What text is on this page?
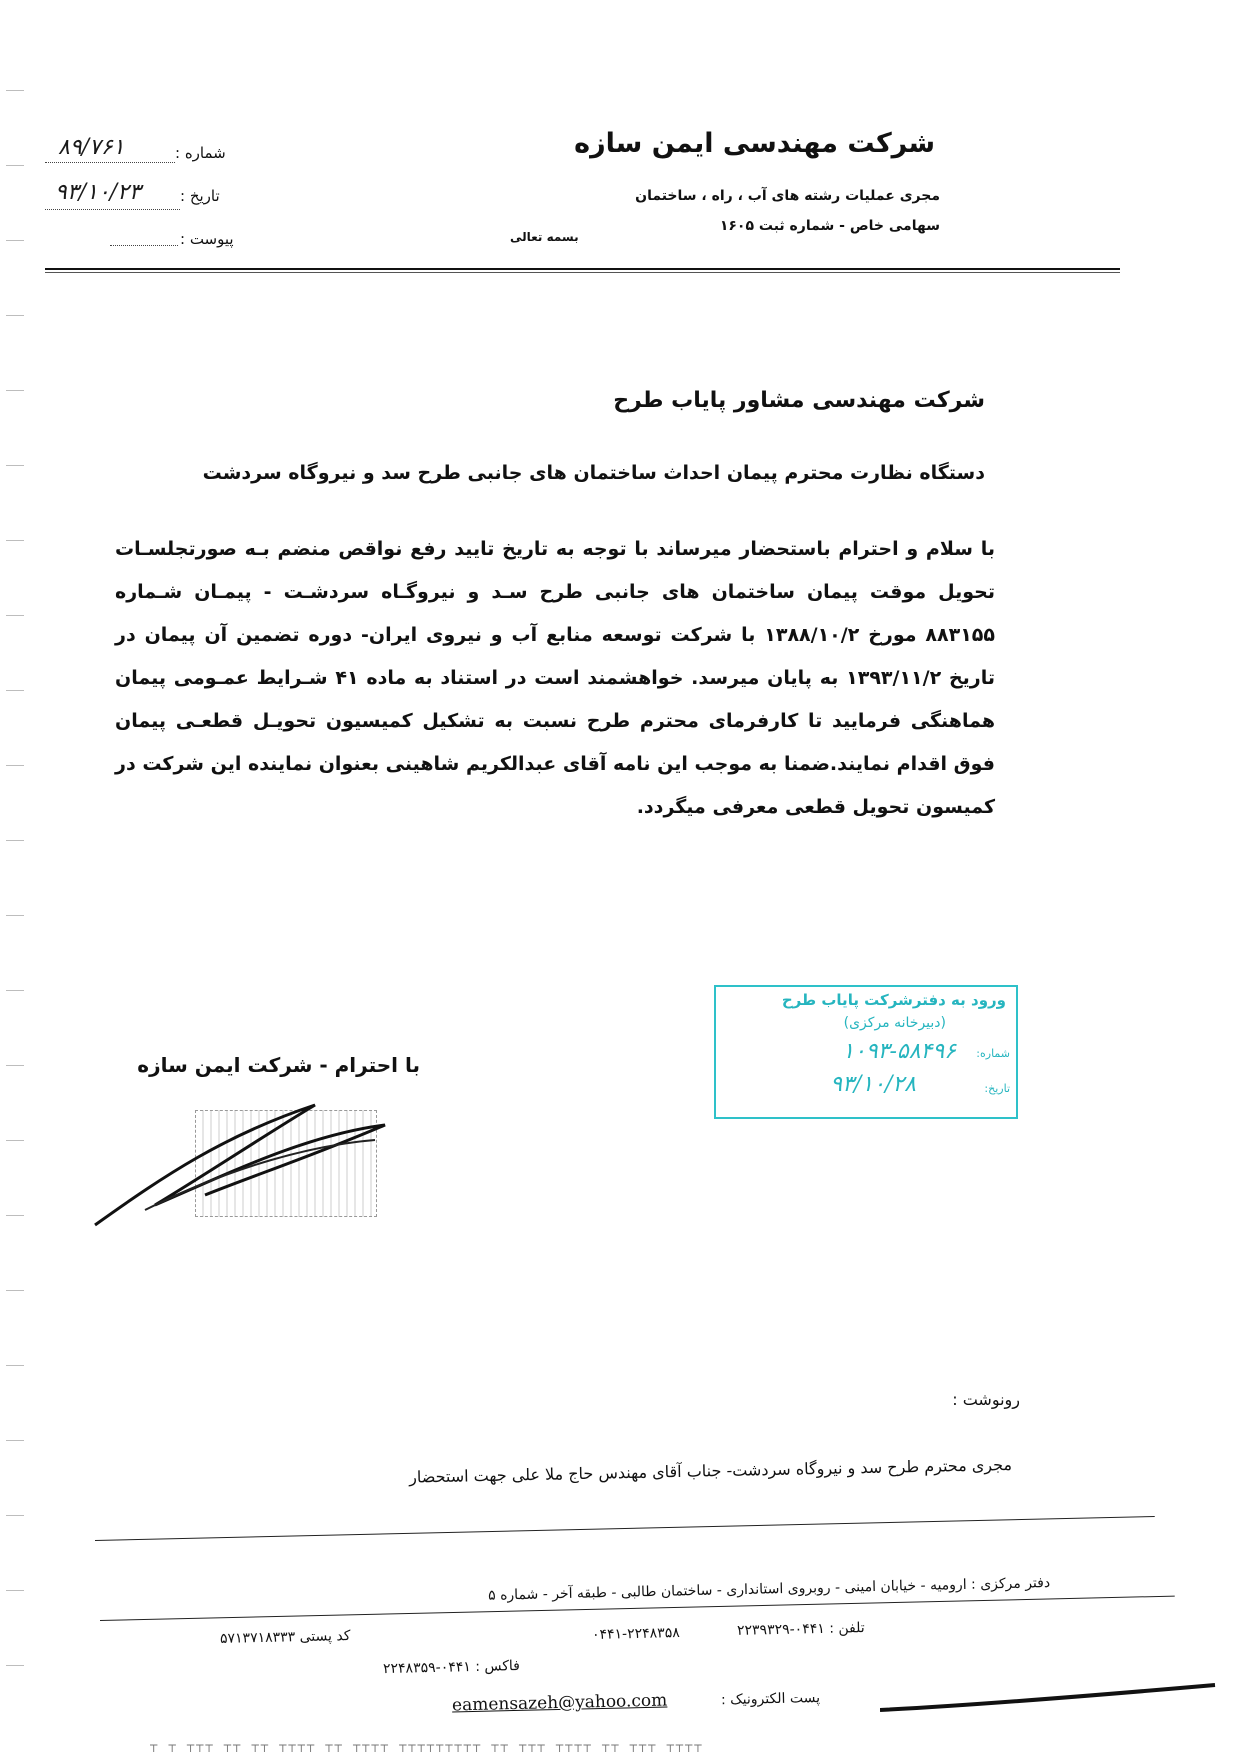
شرکت مهندسی ایمن سازه
مجری عملیات رشته های آب ، راه ، ساختمان
سهامی خاص - شماره ثبت ۱۶۰۵
بسمه تعالی
شماره :
۸۹/۷۶۱
تاریخ :
۹۳/۱۰/۲۳
پیوست :
شرکت مهندسی مشاور پایاب طرح
دستگاه نظارت محترم پیمان احداث ساختمان های جانبی طرح سد و نیروگاه سردشت
با سلام و احترام باستحضار میرساند با توجه به تاریخ تایید رفع نواقص منضم بـه صورتجلسـات تحویل موقت پیمان ساختمان های جانبی طرح سـد و نیروگـاه سردشـت - پیمـان شـماره ۸۸۳۱۵۵ مورخ ۱۳۸۸/۱۰/۲ با شرکت توسعه منابع آب و نیروی ایران- دوره تضمین آن پیمان در تاریخ ۱۳۹۳/۱۱/۲ به پایان میرسد. خواهشمند است در استناد به ماده ۴۱ شـرایط عمـومی پیمان هماهنگی فرمایید تا کارفرمای محترم طرح نسبت به تشکیل کمیسیون تحویـل قطعـی پیمان فوق اقدام نمایند.ضمنا به موجب این نامه آقای عبدالکریم شاهینی بعنوان نماینده این شرکت در کمیسون تحویل قطعی معرفی میگردد.
با احترام - شرکت ایمن سازه
ورود به دفترشرکت پایاب طرح
(دبیرخانه مرکزی)
شماره:
۱۰۹۳-۵۸۴۹۶
تاریخ:
۹۳/۱۰/۲۸
رونوشت :
مجری محترم طرح سد و نیروگاه سردشت- جناب آقای مهندس حاج ملا علی جهت استحضار
دفتر مرکزی : ارومیه - خیابان امینی - روبروی استانداری - ساختمان طالبی - طبقه آخر - شماره ۵
تلفن : ۰۴۴۱-۲۲۳۹۳۲۹
۰۴۴۱-۲۲۴۸۳۵۸
کد پستی ۵۷۱۳۷۱۸۳۳۳
فاکس : ۰۴۴۱-۲۲۴۸۳۵۹
پست الکترونیک :
eamensazeh@yahoo.com
┬ ┬ ┬┬┬ ┬┬ ┬┬ ┬┬┬┬ ┬┬ ┬┬┬┬ ┬┬┬┬┬┬┬┬┬ ┬┬ ┬┬┬ ┬┬┬┬ ┬┬ ┬┬┬ ┬┬┬┬
